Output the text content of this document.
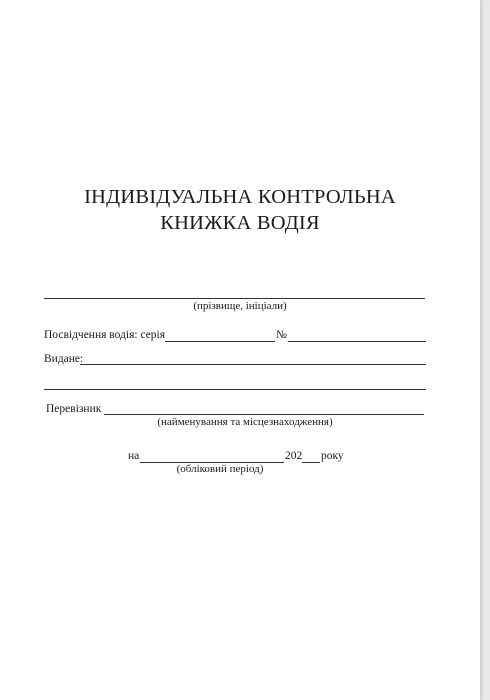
ІНДИВІДУАЛЬНА КОНТРОЛЬНА
КНИЖКА ВОДІЯ
(прізвище, ініціали)
Посвідчення водія: серія	№
Видане:
Перевізник
(найменування та місцезнаходження)
на	202 року
(обліковий період)
